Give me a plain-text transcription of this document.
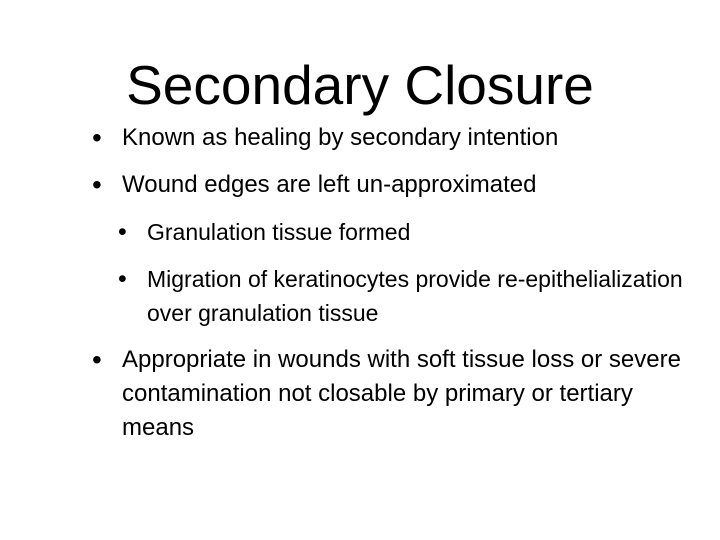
Secondary Closure
• Known as healing by secondary intention
• Wound edges are left un-approximated
• Granulation tissue formed
• Migration of keratinocytes provide re-epithelialization over granulation tissue
• Appropriate in wounds with soft tissue loss or severe contamination not closable by primary or tertiary means
